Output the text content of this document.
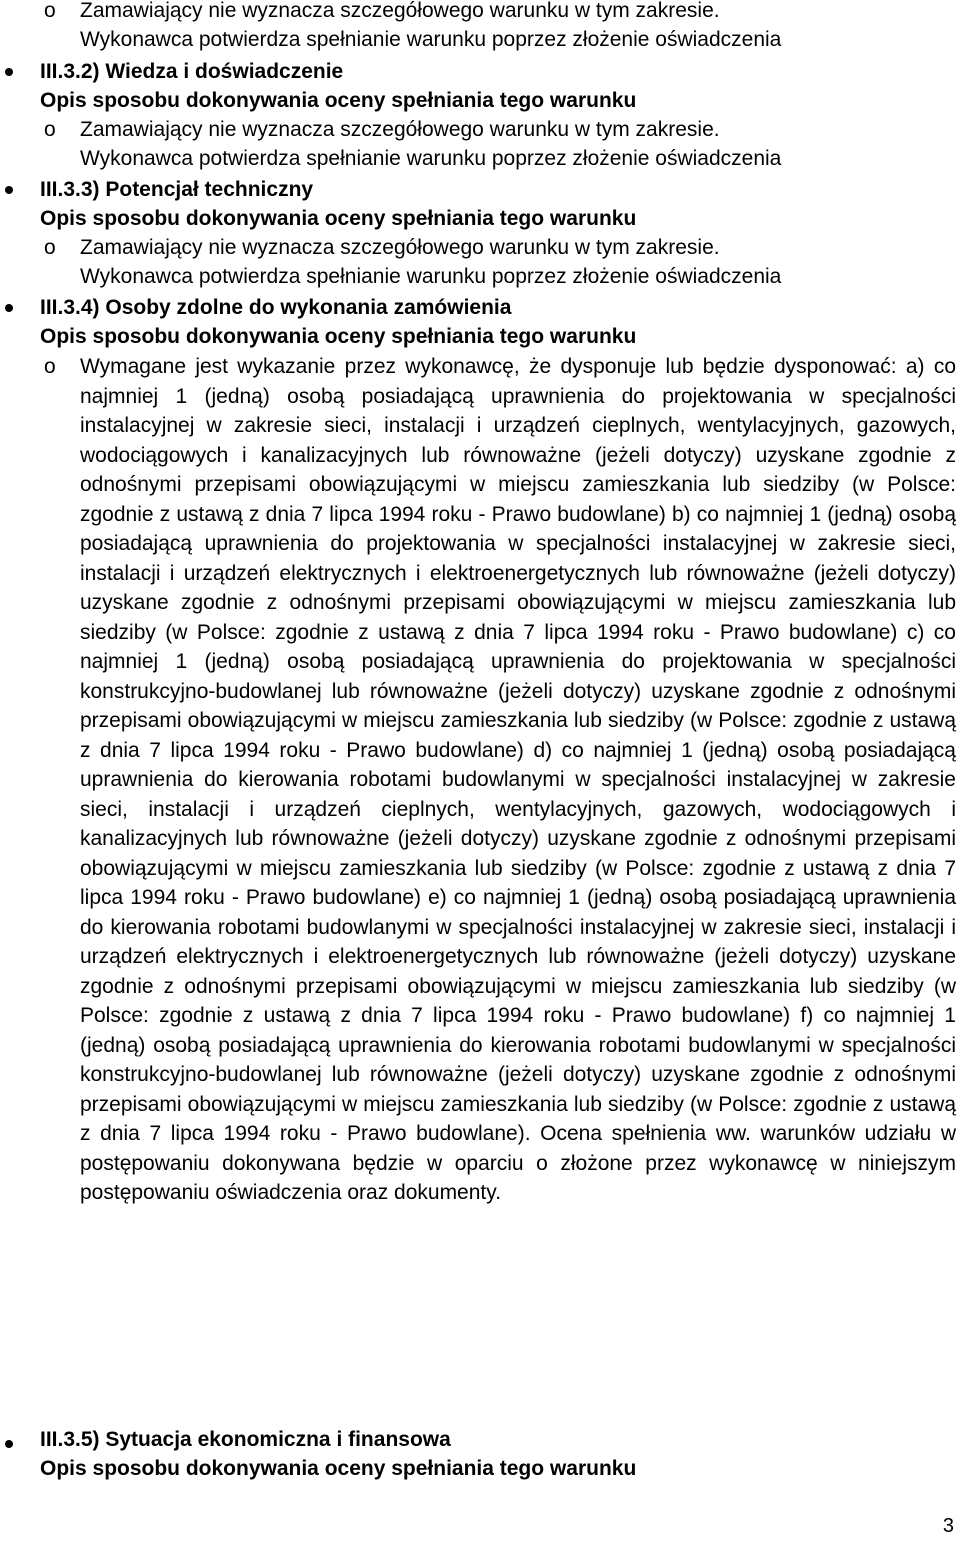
o Zamawiający nie wyznacza szczegółowego warunku w tym zakresie.
Wykonawca potwierdza spełnianie warunku poprzez złożenie oświadczenia
III.3.2) Wiedza i doświadczenie
Opis sposobu dokonywania oceny spełniania tego warunku
o Zamawiający nie wyznacza szczegółowego warunku w tym zakresie.
Wykonawca potwierdza spełnianie warunku poprzez złożenie oświadczenia
III.3.3) Potencjał techniczny
Opis sposobu dokonywania oceny spełniania tego warunku
o Zamawiający nie wyznacza szczegółowego warunku w tym zakresie.
Wykonawca potwierdza spełnianie warunku poprzez złożenie oświadczenia
III.3.4) Osoby zdolne do wykonania zamówienia
Opis sposobu dokonywania oceny spełniania tego warunku
o Wymagane jest wykazanie przez wykonawcę, że dysponuje lub będzie dysponować: a) co najmniej 1 (jedną) osobą posiadającą uprawnienia do projektowania w specjalności instalacyjnej w zakresie sieci, instalacji i urządzeń cieplnych, wentylacyjnych, gazowych, wodociągowych i kanalizacyjnych lub równoważne (jeżeli dotyczy) uzyskane zgodnie z odnośnymi przepisami obowiązującymi w miejscu zamieszkania lub siedziby (w Polsce: zgodnie z ustawą z dnia 7 lipca 1994 roku - Prawo budowlane) b) co najmniej 1 (jedną) osobą posiadającą uprawnienia do projektowania w specjalności instalacyjnej w zakresie sieci, instalacji i urządzeń elektrycznych i elektroenergetycznych lub równoważne (jeżeli dotyczy) uzyskane zgodnie z odnośnymi przepisami obowiązującymi w miejscu zamieszkania lub siedziby (w Polsce: zgodnie z ustawą z dnia 7 lipca 1994 roku - Prawo budowlane) c) co najmniej 1 (jedną) osobą posiadającą uprawnienia do projektowania w specjalności konstrukcyjno-budowlanej lub równoważne (jeżeli dotyczy) uzyskane zgodnie z odnośnymi przepisami obowiązującymi w miejscu zamieszkania lub siedziby (w Polsce: zgodnie z ustawą z dnia 7 lipca 1994 roku - Prawo budowlane) d) co najmniej 1 (jedną) osobą posiadającą uprawnienia do kierowania robotami budowlanymi w specjalności instalacyjnej w zakresie sieci, instalacji i urządzeń cieplnych, wentylacyjnych, gazowych, wodociągowych i kanalizacyjnych lub równoważne (jeżeli dotyczy) uzyskane zgodnie z odnośnymi przepisami obowiązującymi w miejscu zamieszkania lub siedziby (w Polsce: zgodnie z ustawą z dnia 7 lipca 1994 roku - Prawo budowlane) e) co najmniej 1 (jedną) osobą posiadającą uprawnienia do kierowania robotami budowlanymi w specjalności instalacyjnej w zakresie sieci, instalacji i urządzeń elektrycznych i elektroenergetycznych lub równoważne (jeżeli dotyczy) uzyskane zgodnie z odnośnymi przepisami obowiązującymi w miejscu zamieszkania lub siedziby (w Polsce: zgodnie z ustawą z dnia 7 lipca 1994 roku - Prawo budowlane) f) co najmniej 1 (jedną) osobą posiadającą uprawnienia do kierowania robotami budowlanymi w specjalności konstrukcyjno-budowlanej lub równoważne (jeżeli dotyczy) uzyskane zgodnie z odnośnymi przepisami obowiązującymi w miejscu zamieszkania lub siedziby (w Polsce: zgodnie z ustawą z dnia 7 lipca 1994 roku - Prawo budowlane). Ocena spełnienia ww. warunków udziału w postępowaniu dokonywana będzie w oparciu o złożone przez wykonawcę w niniejszym postępowaniu oświadczenia oraz dokumenty.
III.3.5) Sytuacja ekonomiczna i finansowa
Opis sposobu dokonywania oceny spełniania tego warunku
3
